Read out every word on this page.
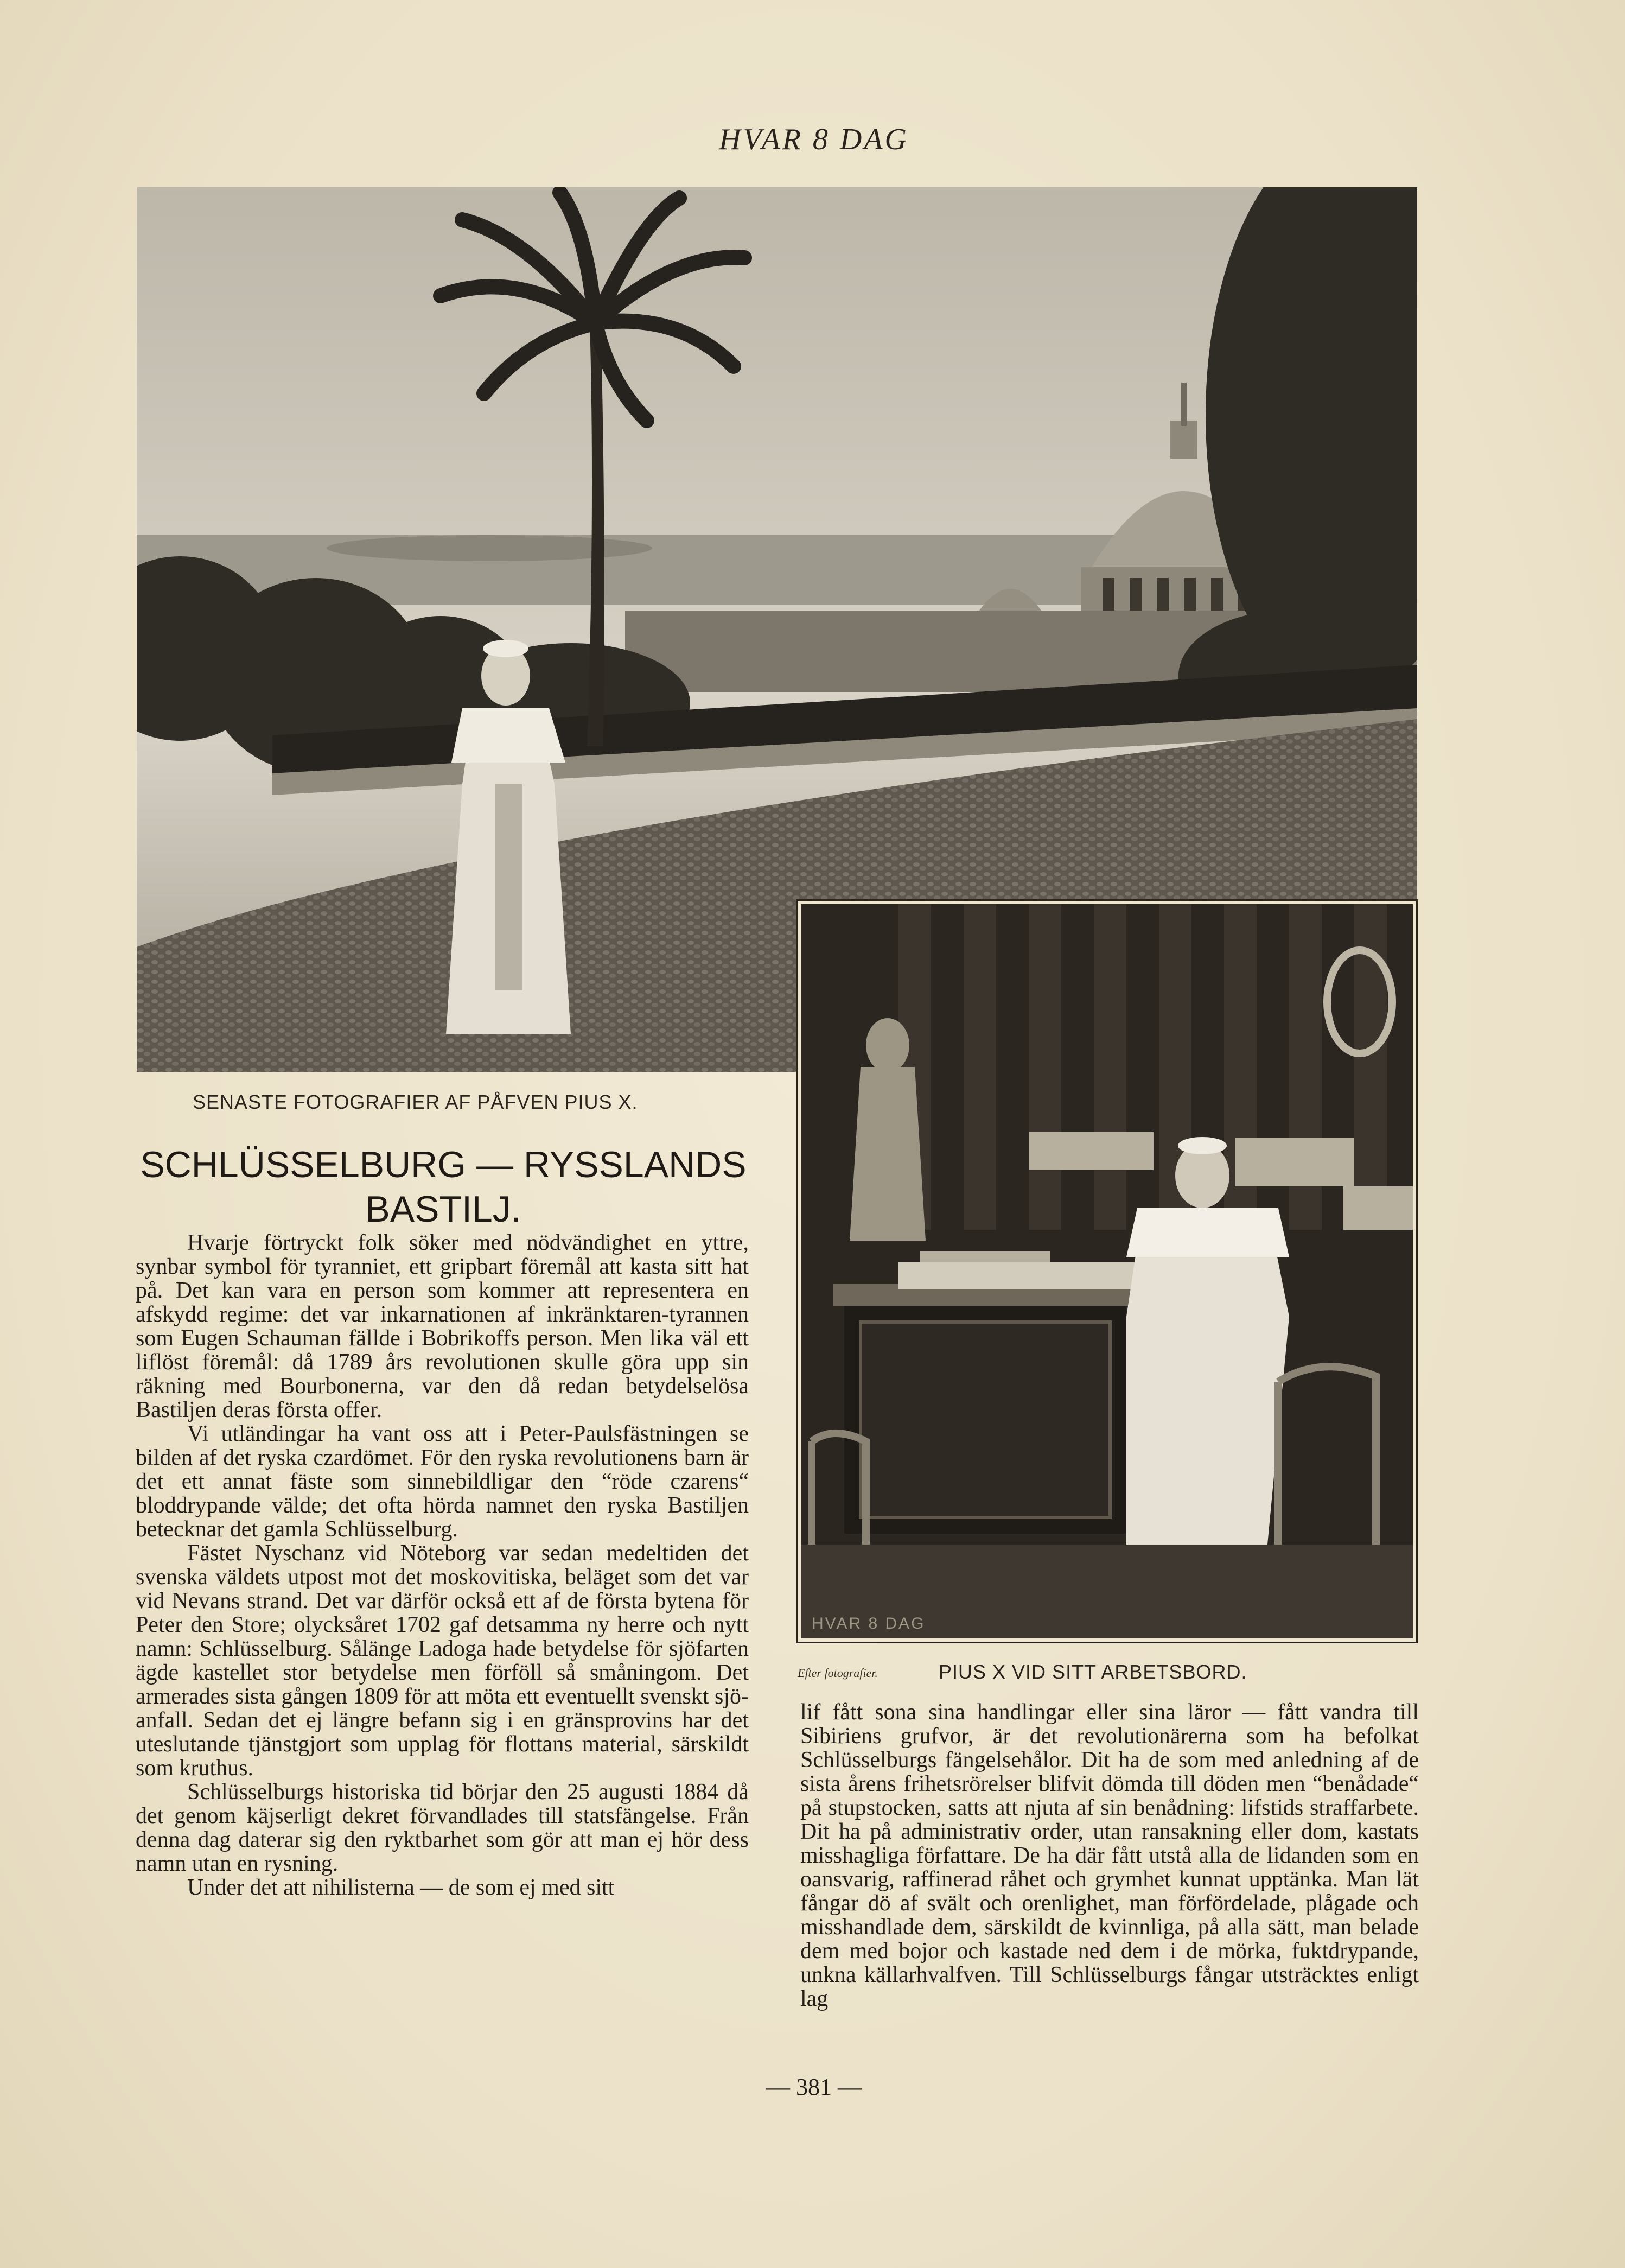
HVAR 8 DAG
HVAR 8 DAG
SENASTE FOTOGRAFIER AF PÅFVEN PIUS X.
Efter fotografier.	PIUS X VID SITT ARBETSBORD.
SCHLÜSSELBURG — RYSSLANDS BASTILJ.

Hvarje förtryckt folk söker med nödvändighet en yttre, synbar symbol för tyranniet, ett gripbart föremål att kasta sitt hat på. Det kan vara en person som kommer att representera en afskydd regime: det var inkarnationen af inkränktaren-tyrannen som Eugen Schauman fällde i Bobrikoffs person. Men lika väl ett liflöst föremål: då 1789 års revolutionen skulle göra upp sin räkning med Bourbonerna, var den då redan betydelselösa Bastiljen deras första offer.

Vi utländingar ha vant oss att i Peter-Paulsfästningen se bilden af det ryska czardömet. För den ryska revolutionens barn är det ett annat fäste som sinnebildligar den “röde czarens“ bloddrypande välde; det ofta hörda namnet den ryska Bastiljen betecknar det gamla Schlüsselburg.

Fästet Nyschanz vid Nöteborg var sedan medeltiden det svenska väldets utpost mot det moskovitiska, beläget som det var vid Nevans strand. Det var därför också ett af de första bytena för Peter den Store; olycksåret 1702 gaf detsamma ny herre och nytt namn: Schlüsselburg. Sålänge Ladoga hade betydelse för sjöfarten ägde kastellet stor betydelse men förföll så småningom. Det armerades sista gången 1809 för att möta ett eventuellt svenskt sjö-anfall. Sedan det ej längre befann sig i en gränsprovins har det uteslutande tjänstgjort som upplag för flottans material, särskildt som kruthus.

Schlüsselburgs historiska tid börjar den 25 augusti 1884 då det genom käjserligt dekret förvandlades till statsfängelse. Från denna dag daterar sig den ryktbarhet som gör att man ej hör dess namn utan en rysning.

Under det att nihilisterna — de som ej med sitt

lif fått sona sina handlingar eller sina läror — fått vandra till Sibiriens grufvor, är det revolutionärerna som ha befolkat Schlüsselburgs fängelsehålor. Dit ha de som med anledning af de sista årens frihetsrörelser blifvit dömda till döden men “benådade“ på stupstocken, satts att njuta af sin benådning: lifstids straffarbete. Dit ha på administrativ order, utan ransakning eller dom, kastats misshagliga författare. De ha där fått utstå alla de lidanden som en oansvarig, raffinerad råhet och grymhet kunnat upptänka. Man lät fångar dö af svält och orenlighet, man förfördelade, plågade och misshandlade dem, särskildt de kvinnliga, på alla sätt, man belade dem med bojor och kastade ned dem i de mörka, fuktdrypande, unkna källarhvalfven. Till Schlüsselburgs fångar utsträcktes enligt lag

— 381 —
